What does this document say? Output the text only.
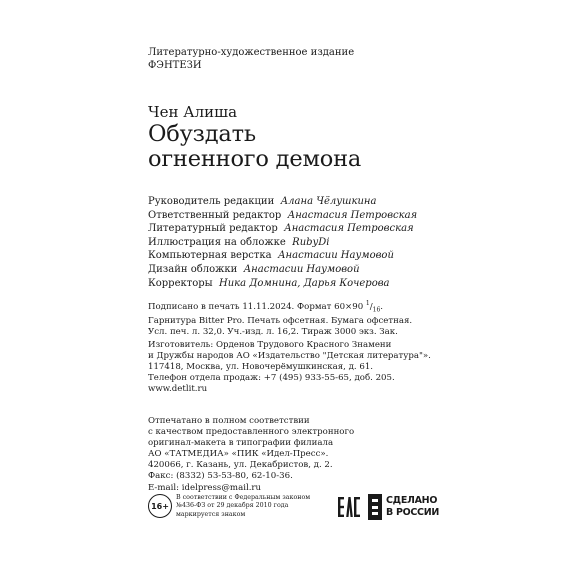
Литературно-художественное издание
ФЭНТЕЗИ
Чен Алиша
Обуздать
огненного демона
Руководитель редакции Алана Чёлушкина
Ответственный редактор Анастасия Петровская
Литературный редактор Анастасия Петровская
Иллюстрация на обложке RubyDi
Компьютерная верстка Анастасии Наумовой
Дизайн обложки Анастасии Наумовой
Корректоры Ника Домнина, Дарья Кочерова
Подписано в печать 11.11.2024. Формат 60×90 $^1/_{16}$.
Гарнитура Bitter Pro. Печать офсетная. Бумага офсетная.
Усл. печ. л. 32,0. Уч.-изд. л. 16,2. Тираж 3000 экз. Зак.
Изготовитель: Орденов Трудового Красного Знамени
и Дружбы народов АО «Издательство "Детская литература"».
117418, Москва, ул. Новочерёмушкинская, д. 61.
Телефон отдела продаж: +7 (495) 933-55-65, доб. 205.
www.detlit.ru
Отпечатано в полном соответствии
с качеством предоставленного электронного
оригинал-макета в типографии филиала
АО «ТАТМЕДИА» «ПИК «Идел-Пресс».
420066, г. Казань, ул. Декабристов, д. 2.
Факс: (8332) 53-53-80, 62-10-36.
E-mail: idelpress@mail.ru
16+
В соответствии с Федеральным законом
№436-ФЗ от 29 декабря 2010 года
маркируется знаком
СДЕЛАНО
В РОССИИ
